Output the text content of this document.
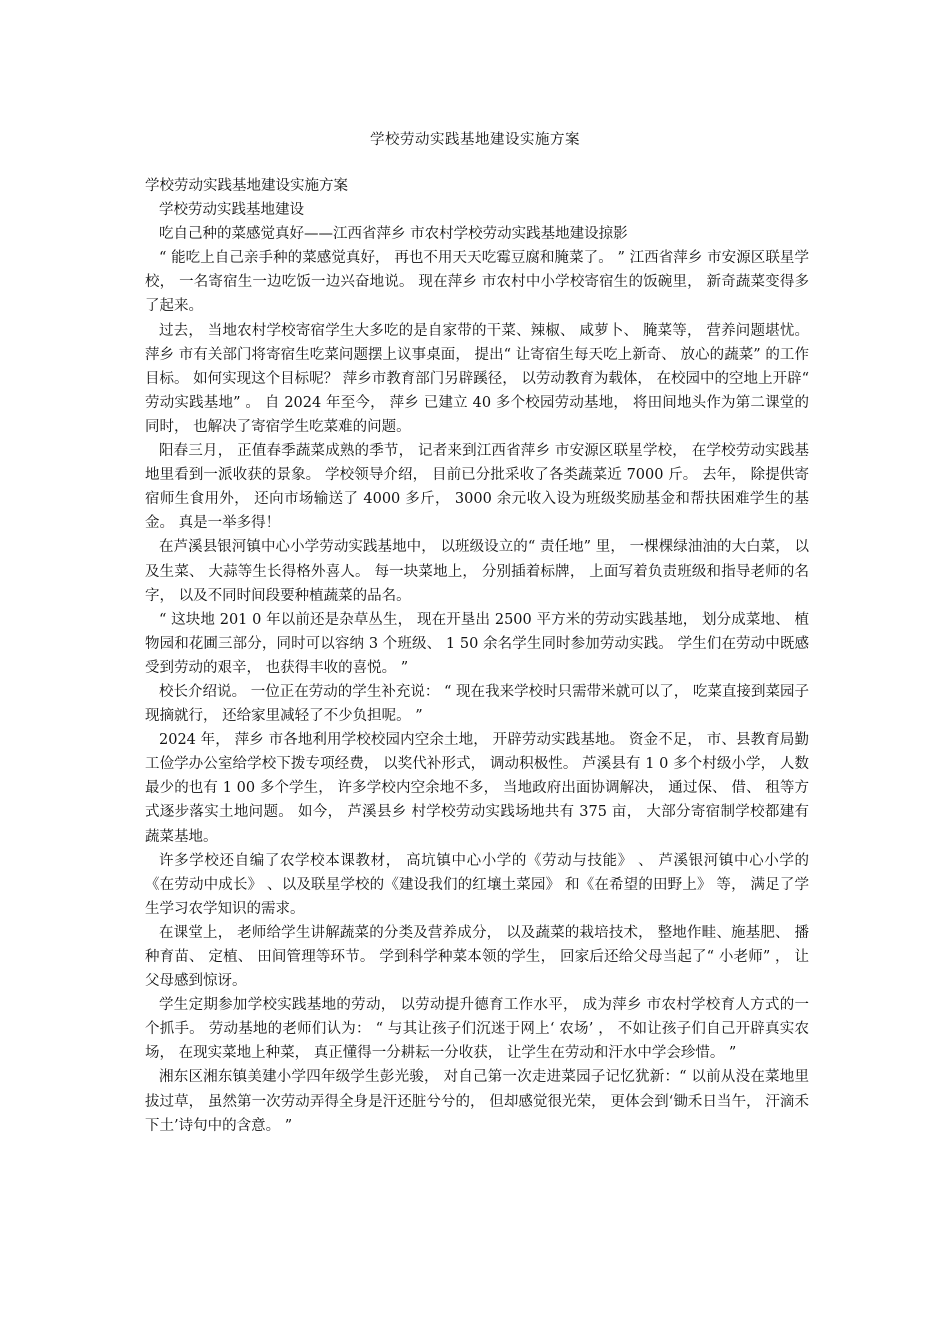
学校劳动实践基地建设实施方案

学校劳动实践基地建设实施方案

学校劳动实践基地建设

吃自己种的菜感觉真好——江西省萍乡 市农村学校劳动实践基地建设掠影

“ 能吃上自己亲手种的菜感觉真好， 再也不用天天吃霉豆腐和腌菜了。 ” 江西省萍乡 市安源区联星学校， 一名寄宿生一边吃饭一边兴奋地说。 现在萍乡 市农村中小学校寄宿生的饭碗里， 新奇蔬菜变得多了起来。

过去， 当地农村学校寄宿学生大多吃的是自家带的干菜、辣椒、 咸萝卜、 腌菜等， 营养问题堪忧。 萍乡 市有关部门将寄宿生吃菜问题摆上议事桌面， 提出“ 让寄宿生每天吃上新奇、 放心的蔬菜” 的工作目标。 如何实现这个目标呢？ 萍乡市教育部门另辟蹊径， 以劳动教育为载体， 在校园中的空地上开辟“ 劳动实践基地” 。 自 2024 年至今， 萍乡 已建立 40 多个校园劳动基地， 将田间地头作为第二课堂的同时， 也解决了寄宿学生吃菜难的问题。

阳春三月， 正值春季蔬菜成熟的季节， 记者来到江西省萍乡 市安源区联星学校， 在学校劳动实践基地里看到一派收获的景象。 学校领导介绍， 目前已分批采收了各类蔬菜近 7000 斤。 去年， 除提供寄宿师生食用外， 还向市场输送了 4000 多斤， 3000 余元收入设为班级奖励基金和帮扶困难学生的基金。 真是一举多得！

在芦溪县银河镇中心小学劳动实践基地中， 以班级设立的“ 责任地” 里， 一棵棵绿油油的大白菜， 以及生菜、 大蒜等生长得格外喜人。 每一块菜地上， 分别插着标牌， 上面写着负责班级和指导老师的名字， 以及不同时间段要种植蔬菜的品名。

“ 这块地 201 0 年以前还是杂草丛生， 现在开垦出 2500 平方米的劳动实践基地， 划分成菜地、 植物园和花圃三部分，同时可以容纳 3 个班级、 1 50 余名学生同时参加劳动实践。 学生们在劳动中既感受到劳动的艰辛， 也获得丰收的喜悦。 ”

校长介绍说。 一位正在劳动的学生补充说： “ 现在我来学校时只需带米就可以了， 吃菜直接到菜园子现摘就行， 还给家里减轻了不少负担呢。 ”

2024 年， 萍乡 市各地利用学校校园内空余土地， 开辟劳动实践基地。 资金不足， 市、县教育局勤工俭学办公室给学校下拨专项经费， 以奖代补形式， 调动积极性。 芦溪县有 1 0 多个村级小学， 人数最少的也有 1 00 多个学生， 许多学校内空余地不多， 当地政府出面协调解决， 通过保、 借、 租等方式逐步落实土地问题。 如今， 芦溪县乡 村学校劳动实践场地共有 375 亩， 大部分寄宿制学校都建有蔬菜基地。

许多学校还自编了农学校本课教材， 高坑镇中心小学的《劳动与技能》 、 芦溪银河镇中心小学的《在劳动中成长》 、以及联星学校的《建设我们的红壤土菜园》 和《在希望的田野上》 等， 满足了学生学习农学知识的需求。

在课堂上， 老师给学生讲解蔬菜的分类及营养成分， 以及蔬菜的栽培技术， 整地作畦、施基肥、 播种育苗、 定植、 田间管理等环节。 学到科学种菜本领的学生， 回家后还给父母当起了“ 小老师” ， 让父母感到惊讶。

学生定期参加学校实践基地的劳动， 以劳动提升德育工作水平， 成为萍乡 市农村学校育人方式的一个抓手。 劳动基地的老师们认为： “ 与其让孩子们沉迷于网上‘ 农场’ ， 不如让孩子们自己开辟真实农场， 在现实菜地上种菜， 真正懂得一分耕耘一分收获， 让学生在劳动和汗水中学会珍惜。 ”

湘东区湘东镇美建小学四年级学生彭光骏， 对自己第一次走进菜园子记忆犹新：“ 以前从没在菜地里拔过草， 虽然第一次劳动弄得全身是汗还脏兮兮的， 但却感觉很光荣， 更体会到‘锄禾日当午， 汗滴禾下土’诗句中的含意。 ”
